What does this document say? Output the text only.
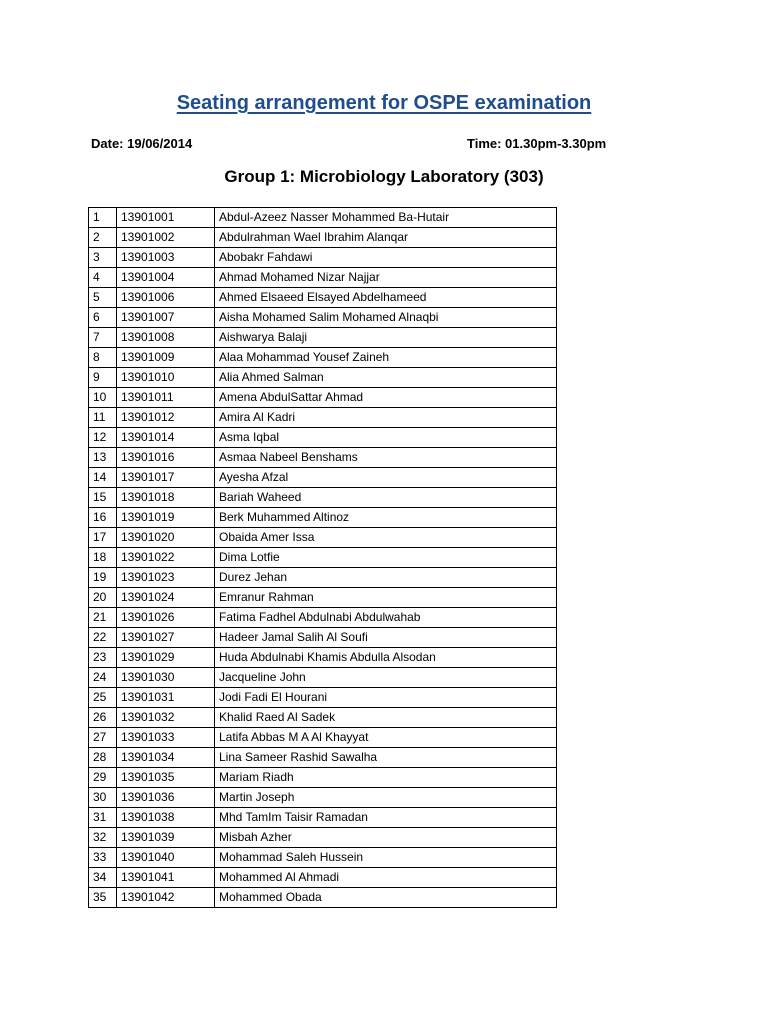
Seating arrangement for OSPE examination
Date: 19/06/2014	Time: 01.30pm-3.30pm
Group 1: Microbiology Laboratory (303)
1	13901001	Abdul-Azeez Nasser Mohammed Ba-Hutair
2	13901002	Abdulrahman Wael Ibrahim Alanqar
3	13901003	Abobakr Fahdawi
4	13901004	Ahmad Mohamed Nizar Najjar
5	13901006	Ahmed Elsaeed Elsayed Abdelhameed
6	13901007	Aisha Mohamed Salim Mohamed Alnaqbi
7	13901008	Aishwarya Balaji
8	13901009	Alaa Mohammad Yousef Zaineh
9	13901010	Alia Ahmed Salman
10	13901011	Amena AbdulSattar Ahmad
11	13901012	Amira Al Kadri
12	13901014	Asma Iqbal
13	13901016	Asmaa Nabeel Benshams
14	13901017	Ayesha Afzal
15	13901018	Bariah Waheed
16	13901019	Berk Muhammed Altinoz
17	13901020	Obaida Amer Issa
18	13901022	Dima Lotfie
19	13901023	Durez Jehan
20	13901024	Emranur Rahman
21	13901026	Fatima Fadhel Abdulnabi Abdulwahab
22	13901027	Hadeer Jamal Salih Al Soufi
23	13901029	Huda Abdulnabi Khamis Abdulla Alsodan
24	13901030	Jacqueline John
25	13901031	Jodi Fadi El Hourani
26	13901032	Khalid Raed Al Sadek
27	13901033	Latifa Abbas M A Al Khayyat
28	13901034	Lina Sameer Rashid Sawalha
29	13901035	Mariam Riadh
30	13901036	Martin Joseph
31	13901038	Mhd TamIm Taisir Ramadan
32	13901039	Misbah Azher
33	13901040	Mohammad Saleh Hussein
34	13901041	Mohammed Al Ahmadi
35	13901042	Mohammed Obada
